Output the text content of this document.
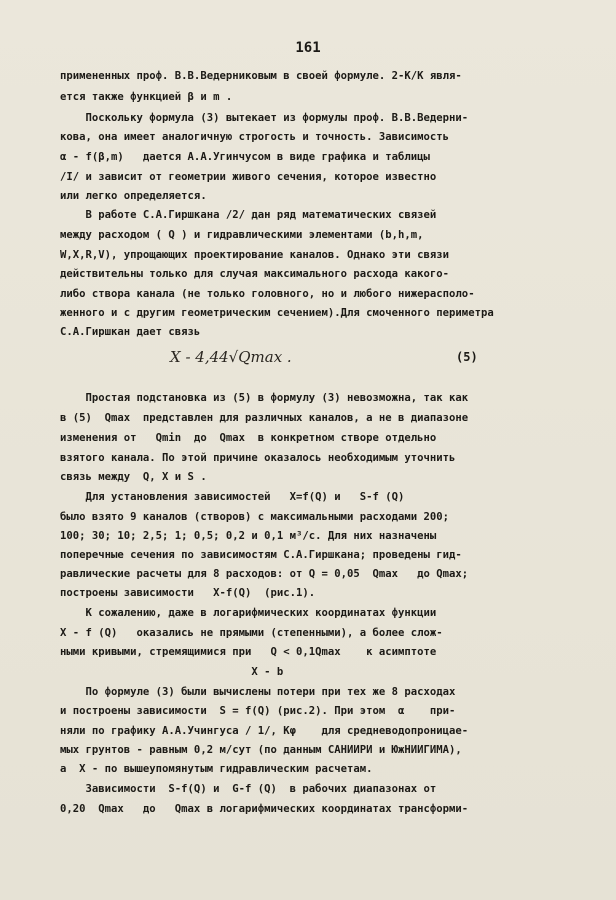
161
примененных проф. В.В.Ведерниковым в своей формуле. 2-K/K явля-
ется также функцией β и m .
Поскольку формула (3) вытекает из формулы проф. В.В.Ведерни-
кова, она имеет аналогичную строгость и точность. Зависимость
α - f(β,m)   дается А.А.Угинчусом в виде графика и таблицы
/I/ и зависит от геометрии живого сечения, которое известно
или легко определяется.
В работе С.А.Гиршкана /2/ дан ряд математических связей
между расходом ( Q ) и гидравлическими элементами (b,h,m,
W,X,R,V), упрощающих проектирование каналов. Однако эти связи
действительны только для случая максимального расхода какого-
либо створа канала (не только головного, но и любого нижерасполо-
женного и с другим геометрическим сечением).Для смоченного периметра
С.А.Гиршкан дает связь
X - 4,44√Qmax .	(5)
Простая подстановка из (5) в формулу (3) невозможна, так как
в (5)  Qmax  представлен для различных каналов, а не в диапазоне
изменения от   Qmin  до  Qmax  в конкретном створе отдельно
взятого канала. По этой причине оказалось необходимым уточнить
связь между  Q, X и S .
Для установления зависимостей   X=f(Q) и   S-f (Q)
было взято 9 каналов (створов) с максимальными расходами 200;
100; 30; 10; 2,5; 1; 0,5; 0,2 и 0,1 м³/с. Для них назначены
поперечные сечения по зависимостям С.А.Гиршкана; проведены гид-
равлические расчеты для 8 расходов: от Q = 0,05  Qmax   до Qmax;
построены зависимости   X-f(Q)  (рис.1).
К сожалению, даже в логарифмических координатах функции
X - f (Q)   оказались не прямыми (степенными), а более слож-
ными кривыми, стремящимися при   Q < 0,1Qmax    к асимптоте
X - b
По формуле (3) были вычислены потери при тех же 8 расходах
и построены зависимости  S = f(Q) (рис.2). При этом  α    при-
няли по графику А.А.Учингуса / 1/, Kφ    для средневодопроницае-
мых грунтов - равным 0,2 м/сут (по данным САНИИРИ и ЮжНИИГИМА),
а  X - по вышеупомянутым гидравлическим расчетам.
Зависимости  S-f(Q) и  G-f (Q)  в рабочих диапазонах от
0,20  Qmax   до   Qmax в логарифмических координатах трансформи-
